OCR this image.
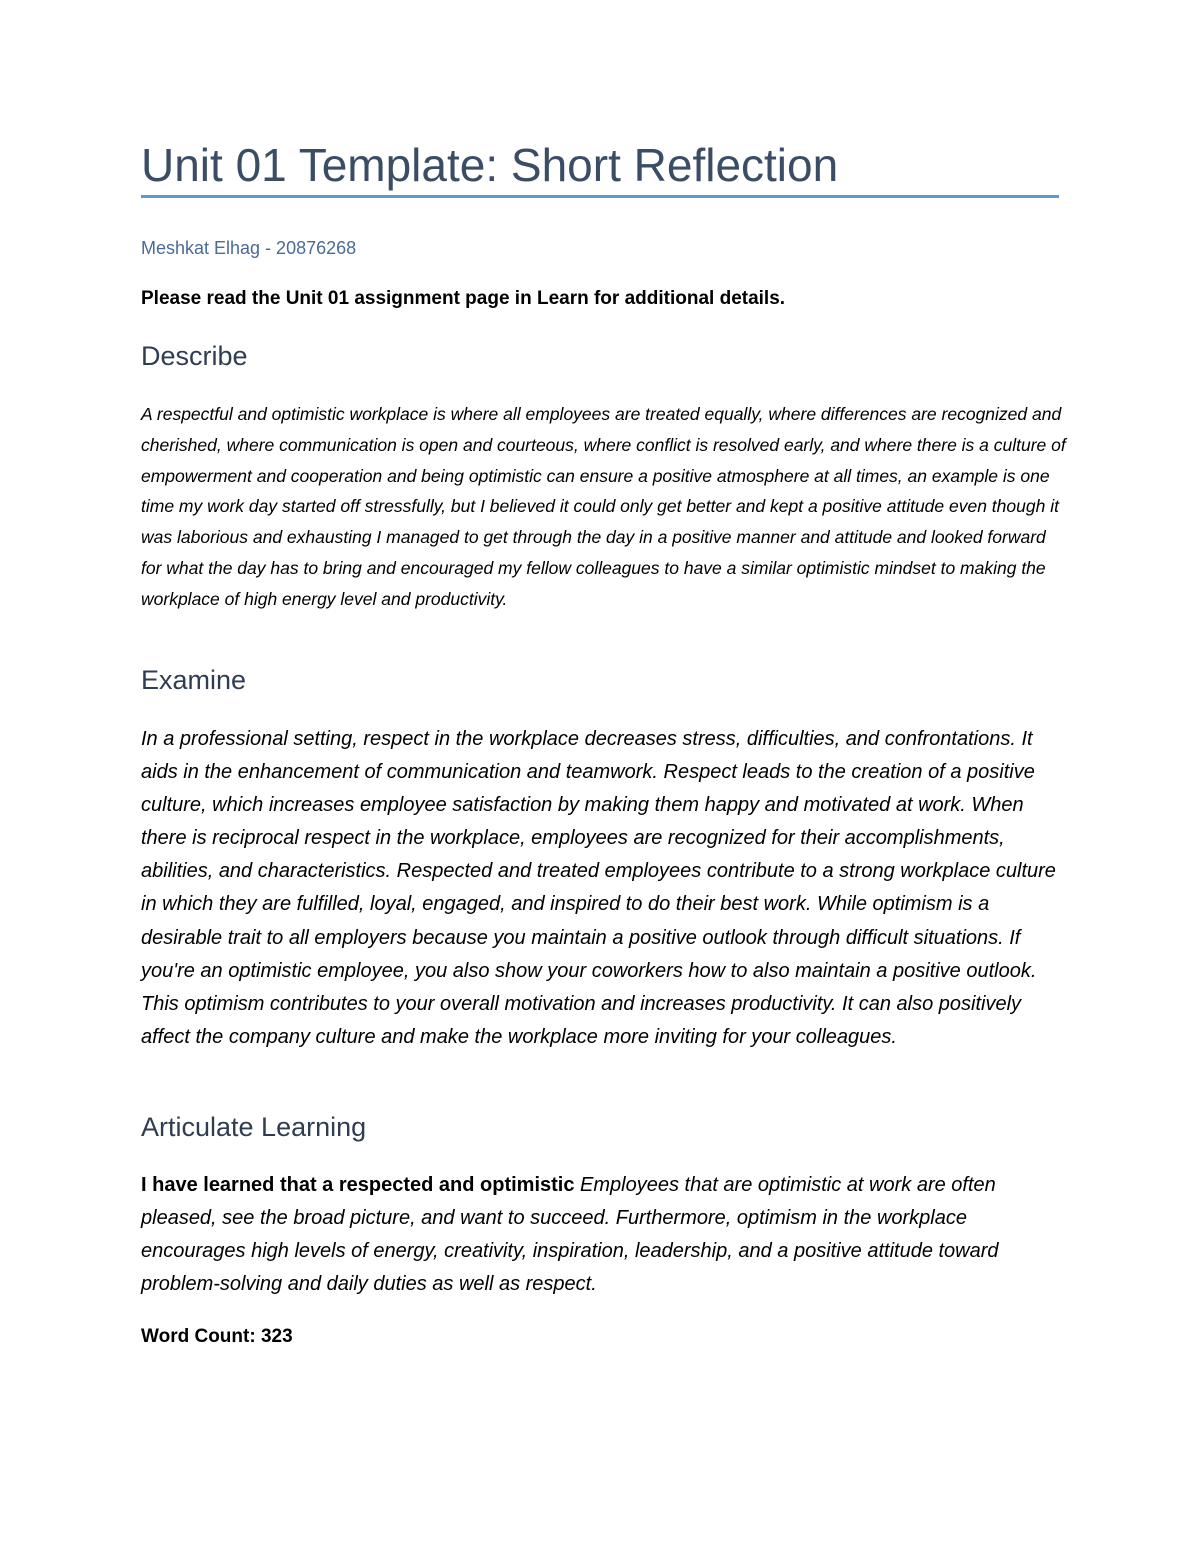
Unit 01 Template: Short Reflection

Meshkat Elhag - 20876268

Please read the Unit 01 assignment page in Learn for additional details.

Describe

A respectful and optimistic workplace is where all employees are treated equally, where differences are recognized and cherished, where communication is open and courteous, where conflict is resolved early, and where there is a culture of empowerment and cooperation and being optimistic can ensure a positive atmosphere at all times, an example is one time my work day started off stressfully, but I believed it could only get better and kept a positive attitude even though it was laborious and exhausting I managed to get through the day in a positive manner and attitude and looked forward for what the day has to bring and encouraged my fellow colleagues to have a similar optimistic mindset to making the workplace of high energy level and productivity.

Examine

In a professional setting, respect in the workplace decreases stress, difficulties, and confrontations. It aids in the enhancement of communication and teamwork. Respect leads to the creation of a positive culture, which increases employee satisfaction by making them happy and motivated at work. When there is reciprocal respect in the workplace, employees are recognized for their accomplishments, abilities, and characteristics. Respected and treated employees contribute to a strong workplace culture in which they are fulfilled, loyal, engaged, and inspired to do their best work. While optimism is a desirable trait to all employers because you maintain a positive outlook through difficult situations. If you're an optimistic employee, you also show your coworkers how to also maintain a positive outlook. This optimism contributes to your overall motivation and increases productivity. It can also positively affect the company culture and make the workplace more inviting for your colleagues.

Articulate Learning

I have learned that a respected and optimistic Employees that are optimistic at work are often pleased, see the broad picture, and want to succeed. Furthermore, optimism in the workplace encourages high levels of energy, creativity, inspiration, leadership, and a positive attitude toward problem-solving and daily duties as well as respect.

Word Count: 323
